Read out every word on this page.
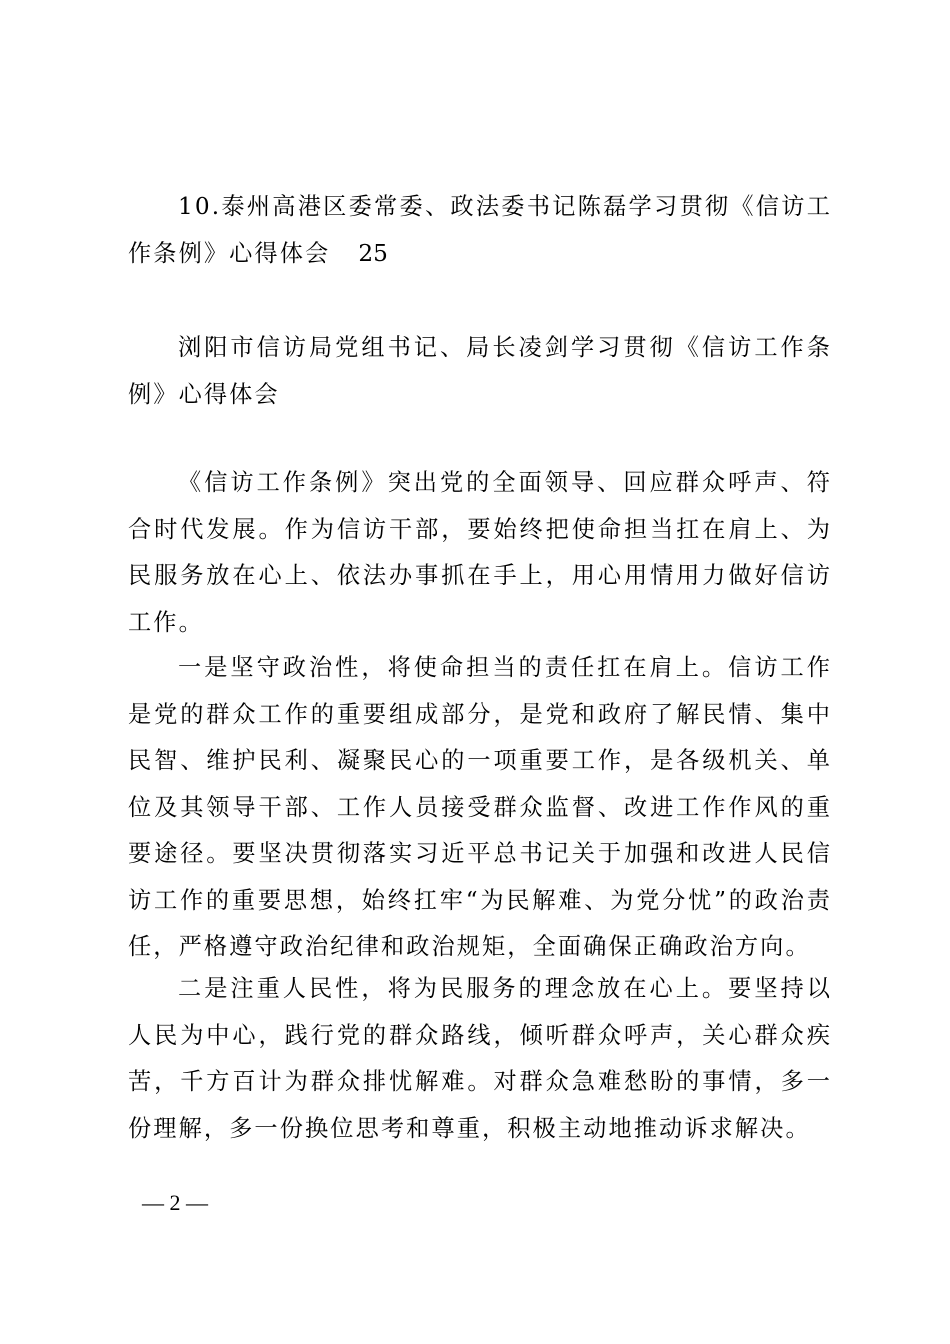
10.泰州高港区委常委、政法委书记陈磊学习贯彻《信访工作条例》心得体会 25

浏阳市信访局党组书记、局长凌剑学习贯彻《信访工作条例》心得体会

《信访工作条例》突出党的全面领导、回应群众呼声、符合时代发展。作为信访干部，要始终把使命担当扛在肩上、为民服务放在心上、依法办事抓在手上，用心用情用力做好信访工作。

一是坚守政治性，将使命担当的责任扛在肩上。信访工作是党的群众工作的重要组成部分，是党和政府了解民情、集中民智、维护民利、凝聚民心的一项重要工作，是各级机关、单位及其领导干部、工作人员接受群众监督、改进工作作风的重要途径。要坚决贯彻落实习近平总书记关于加强和改进人民信访工作的重要思想，始终扛牢“为民解难、为党分忧”的政治责任，严格遵守政治纪律和政治规矩，全面确保正确政治方向。

二是注重人民性，将为民服务的理念放在心上。要坚持以人民为中心，践行党的群众路线，倾听群众呼声，关心群众疾苦，千方百计为群众排忧解难。对群众急难愁盼的事情，多一份理解，多一份换位思考和尊重，积极主动地推动诉求解决。

— 2 —
